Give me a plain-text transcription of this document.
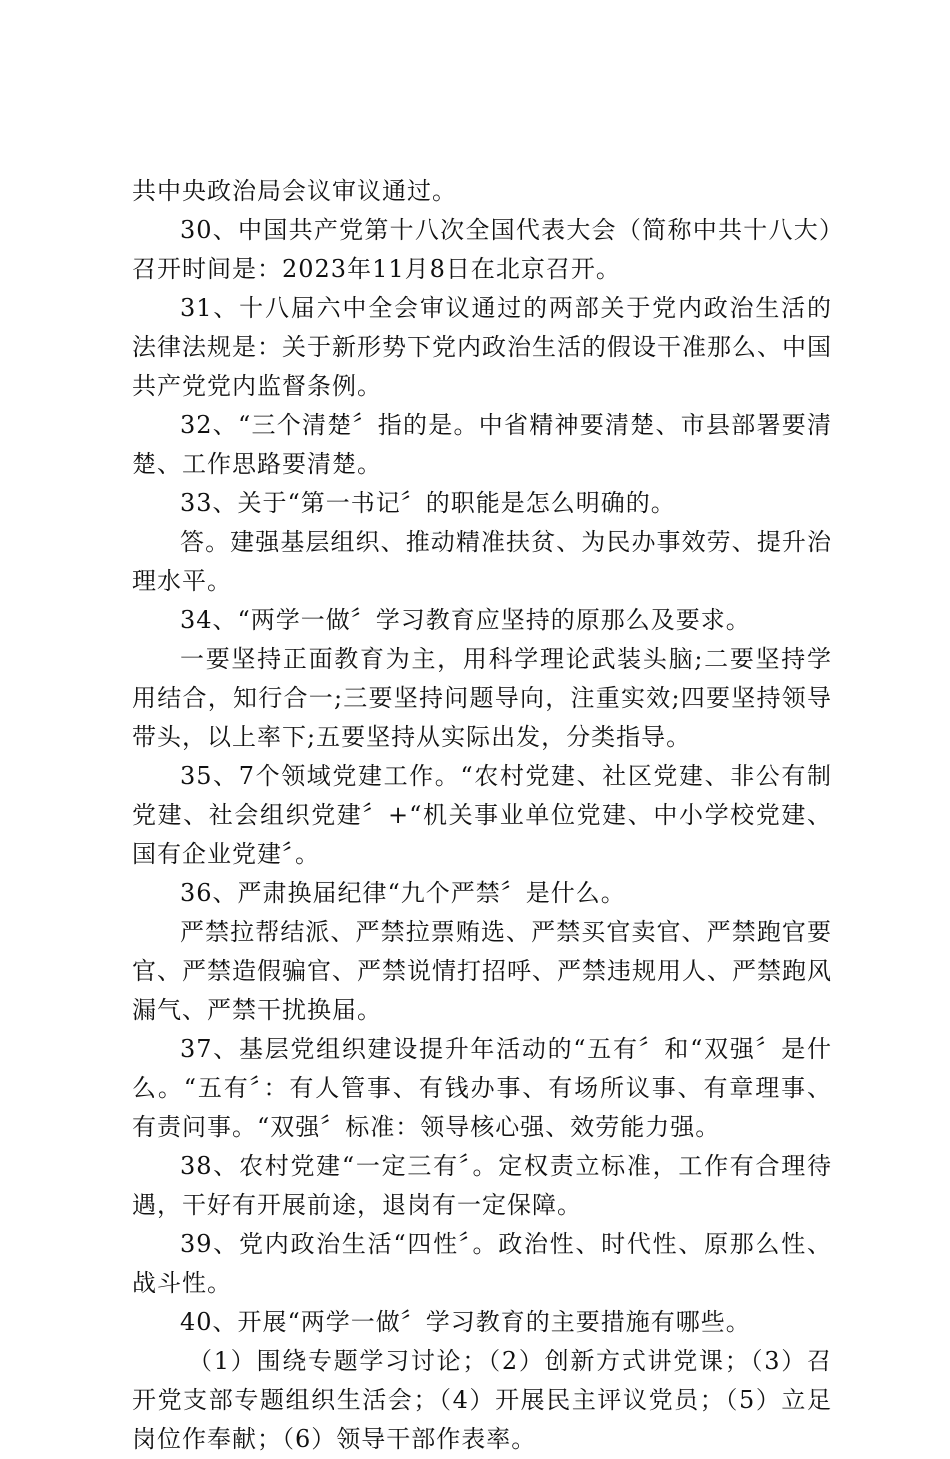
共中央政治局会议审议通过。

30、中国共产党第十八次全国代表大会（简称中共十八大）召开时间是：2023年11月8日在北京召开。

31、十八届六中全会审议通过的两部关于党内政治生活的法律法规是：关于新形势下党内政治生活的假设干准那么、中国共产党党内监督条例。

32、“三个清楚〞指的是。中省精神要清楚、市县部署要清楚、工作思路要清楚。

33、关于“第一书记〞的职能是怎么明确的。

答。建强基层组织、推动精准扶贫、为民办事效劳、提升治理水平。

34、“两学一做〞学习教育应坚持的原那么及要求。

一要坚持正面教育为主，用科学理论武装头脑;二要坚持学用结合，知行合一;三要坚持问题导向，注重实效;四要坚持领导带头，以上率下;五要坚持从实际出发，分类指导。

35、7个领域党建工作。“农村党建、社区党建、非公有制党建、社会组织党建〞+“机关事业单位党建、中小学校党建、国有企业党建〞。

36、严肃换届纪律“九个严禁〞是什么。

严禁拉帮结派、严禁拉票贿选、严禁买官卖官、严禁跑官要官、严禁造假骗官、严禁说情打招呼、严禁违规用人、严禁跑风漏气、严禁干扰换届。

37、基层党组织建设提升年活动的“五有〞和“双强〞是什么。“五有〞：有人管事、有钱办事、有场所议事、有章理事、有责问事。“双强〞标准：领导核心强、效劳能力强。

38、农村党建“一定三有〞。定权责立标准，工作有合理待遇，干好有开展前途，退岗有一定保障。

39、党内政治生活“四性〞。政治性、时代性、原那么性、战斗性。

40、开展“两学一做〞学习教育的主要措施有哪些。

（1）围绕专题学习讨论；（2）创新方式讲党课；（3）召开党支部专题组织生活会；（4）开展民主评议党员；（5）立足岗位作奉献；（6）领导干部作表率。
